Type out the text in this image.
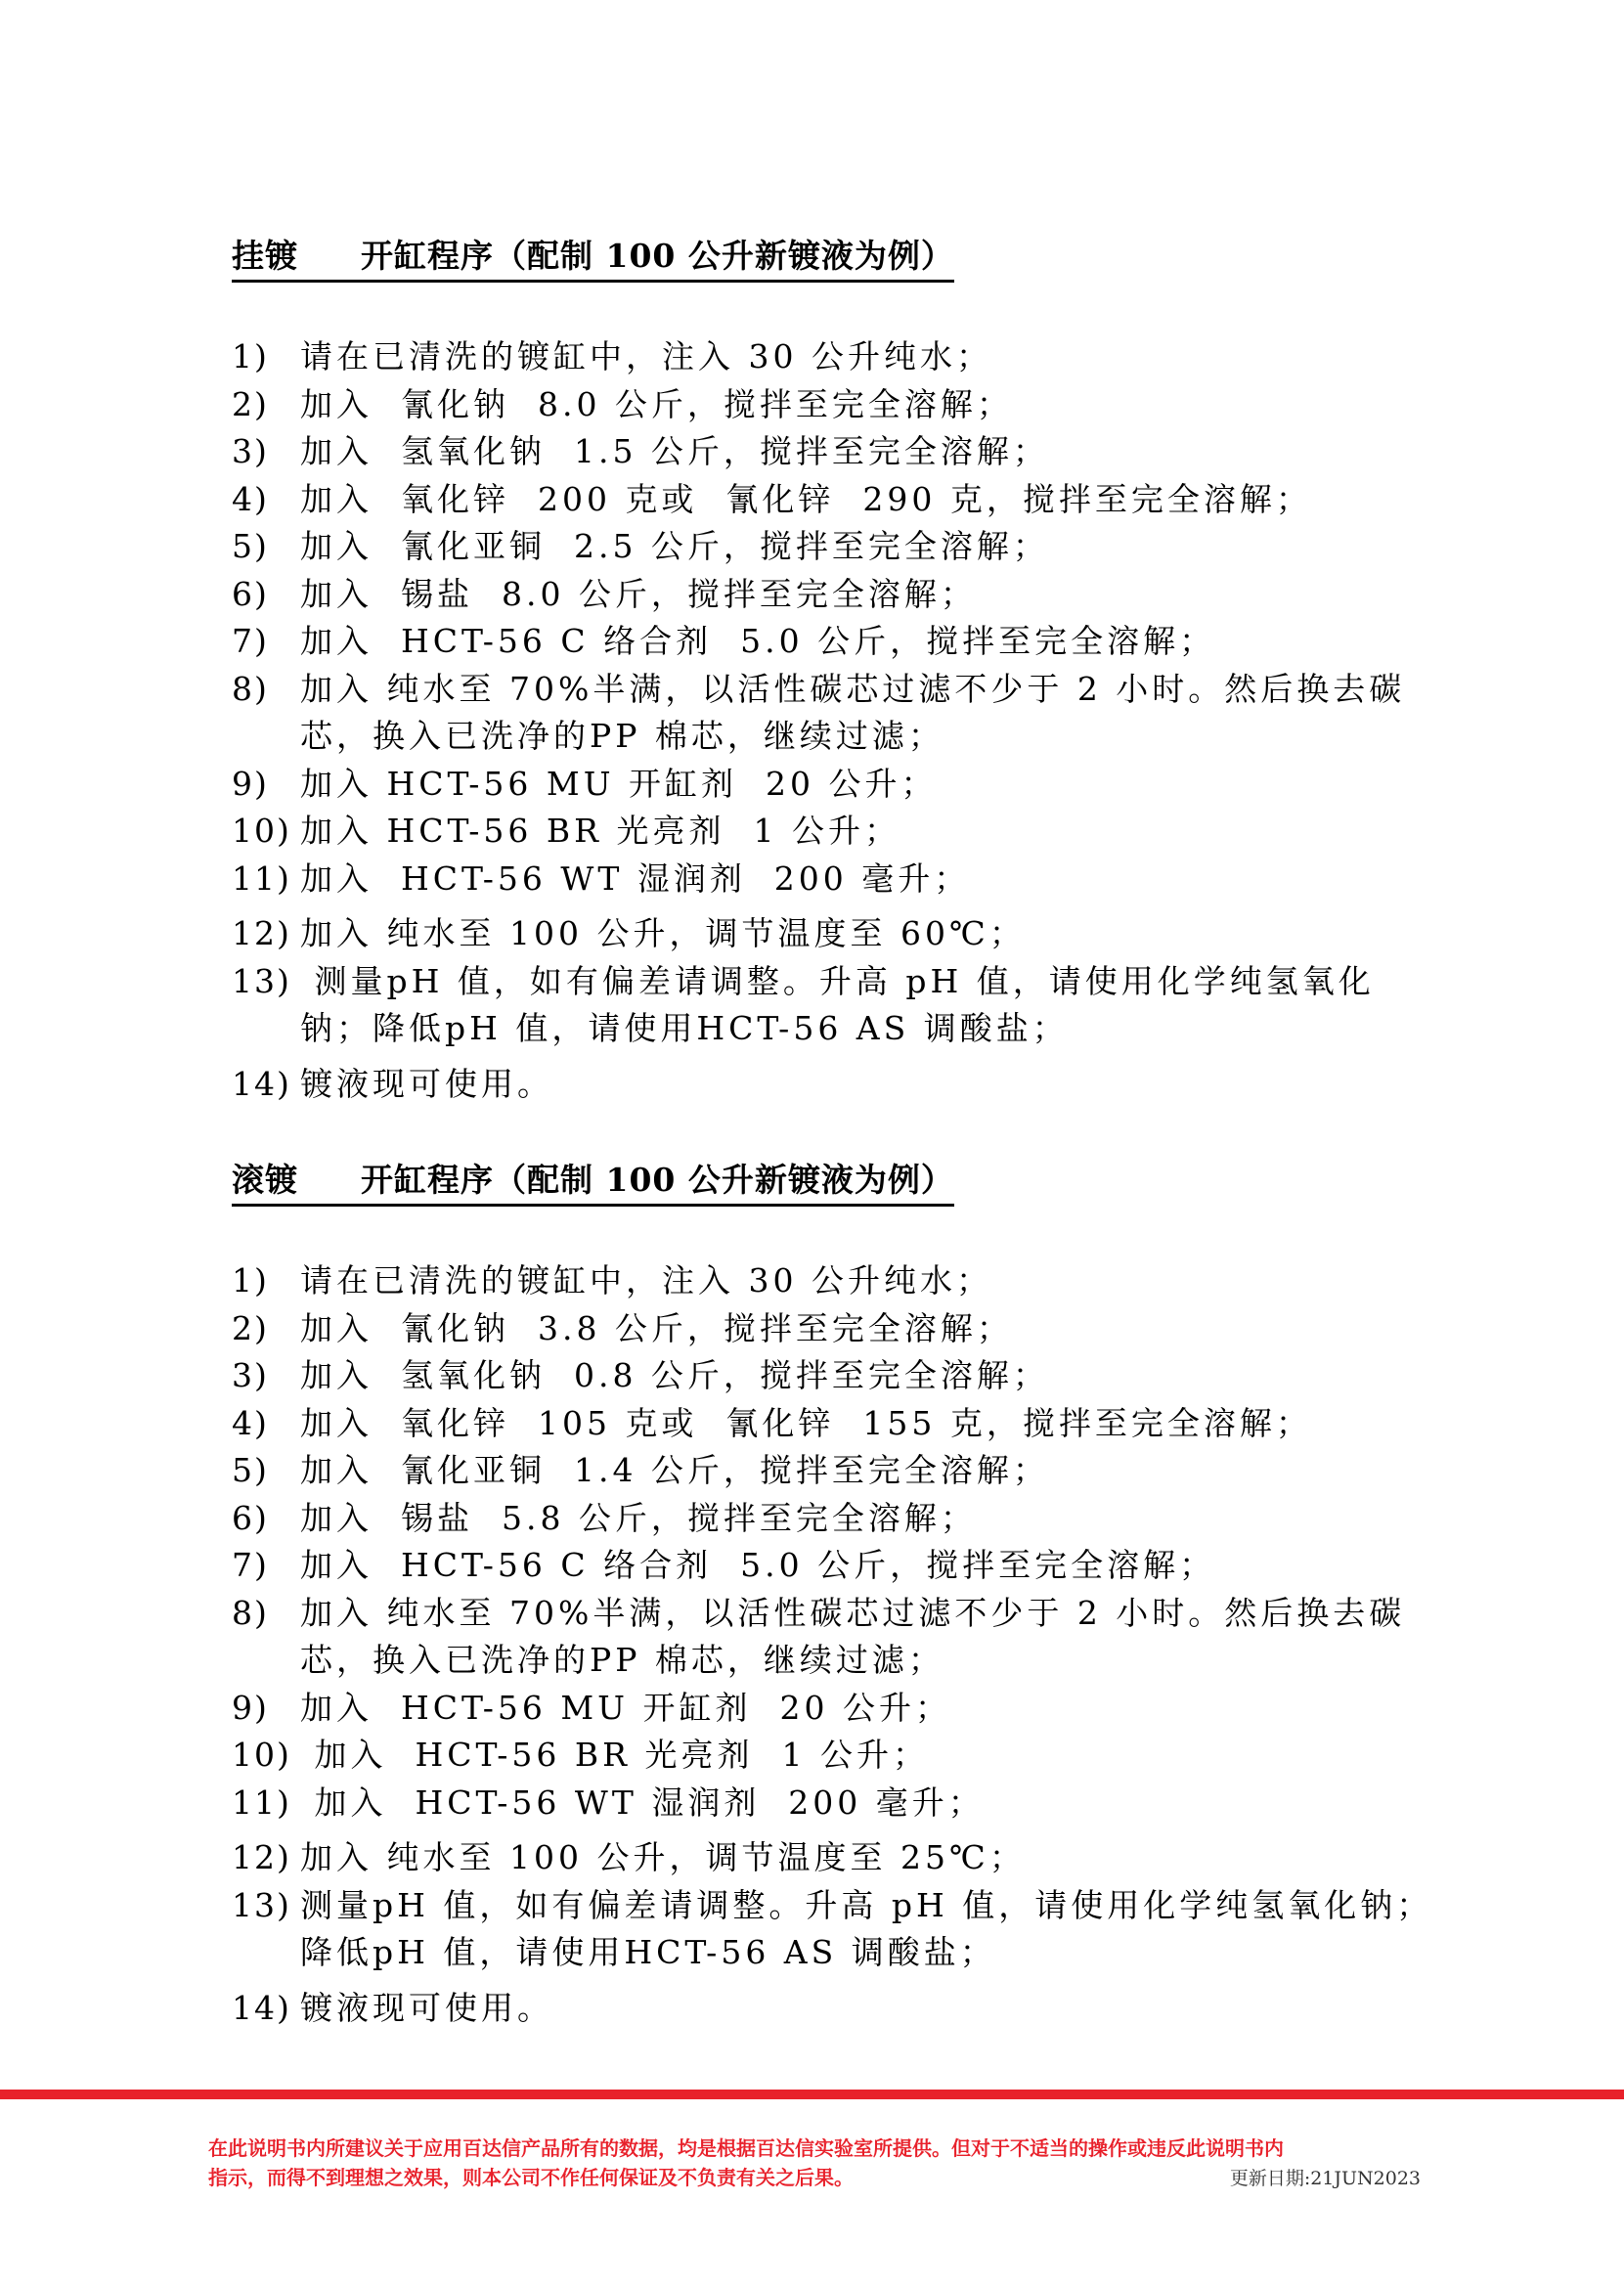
挂镀 开缸程序（配制 100 公升新镀液为例）
1) 请在已清洗的镀缸中，注入 30 公升纯水；
2) 加入  氰化钠  8.0 公斤，搅拌至完全溶解；
3) 加入  氢氧化钠  1.5 公斤，搅拌至完全溶解；
4) 加入  氧化锌  200 克或  氰化锌  290 克，搅拌至完全溶解；
5) 加入  氰化亚铜  2.5 公斤，搅拌至完全溶解；
6) 加入  锡盐  8.0 公斤，搅拌至完全溶解；
7) 加入  HCT-56 C 络合剂  5.0 公斤，搅拌至完全溶解；
8) 加入 纯水至 70%半满，以活性碳芯过滤不少于 2 小时。然后换去碳芯，换入已洗净的PP 棉芯，继续过滤；
9) 加入 HCT-56 MU 开缸剂  20 公升；
10) 加入 HCT-56 BR 光亮剂  1 公升；
11) 加入  HCT-56 WT 湿润剂  200 毫升；
12) 加入 纯水至 100 公升，调节温度至 60℃；
13) 测量pH 值，如有偏差请调整。升高 pH 值，请使用化学纯氢氧化钠；降低pH 值，请使用HCT-56 AS 调酸盐；
14) 镀液现可使用。
滚镀 开缸程序（配制 100 公升新镀液为例）
1) 请在已清洗的镀缸中，注入 30 公升纯水；
2) 加入  氰化钠  3.8 公斤，搅拌至完全溶解；
3) 加入  氢氧化钠  0.8 公斤，搅拌至完全溶解；
4) 加入  氧化锌  105 克或  氰化锌  155 克，搅拌至完全溶解；
5) 加入  氰化亚铜  1.4 公斤，搅拌至完全溶解；
6) 加入  锡盐  5.8 公斤，搅拌至完全溶解；
7) 加入  HCT-56 C 络合剂  5.0 公斤，搅拌至完全溶解；
8) 加入 纯水至 70%半满，以活性碳芯过滤不少于 2 小时。然后换去碳芯，换入已洗净的PP 棉芯，继续过滤；
9) 加入  HCT-56 MU 开缸剂  20 公升；
10) 加入  HCT-56 BR 光亮剂  1 公升；
11) 加入  HCT-56 WT 湿润剂  200 毫升；
12) 加入 纯水至 100 公升，调节温度至 25℃；
13) 测量pH 值，如有偏差请调整。升高 pH 值，请使用化学纯氢氧化钠；降低pH 值，请使用HCT-56 AS 调酸盐；
14) 镀液现可使用。
在此说明书内所建议关于应用百达信产品所有的数据，均是根据百达信实验室所提供。但对于不适当的操作或违反此说明书内
指示，而得不到理想之效果，则本公司不作任何保证及不负责有关之后果。	更新日期:21JUN2023
